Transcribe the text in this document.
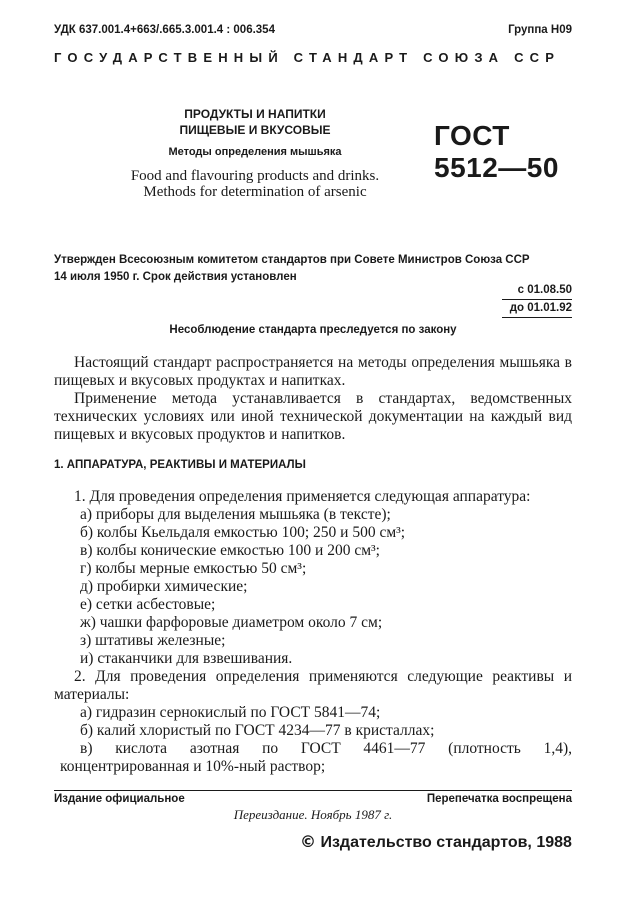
УДК 637.001.4+663/.665.3.001.4 : 006.354	Группа Н09
ГОСУДАРСТВЕННЫЙ СТАНДАРТ СОЮЗА ССР
ПРОДУКТЫ И НАПИТКИ
ПИЩЕВЫЕ И ВКУСОВЫЕ
Методы определения мышьяка
Food and flavouring products and drinks.
Methods for determination of arsenic
ГОСТ
5512—50
Утвержден Всесоюзным комитетом стандартов при Совете Министров Союза ССР
14 июля 1950 г. Срок действия установлен
с 01.08.50
до 01.01.92
Несоблюдение стандарта преследуется по закону

Настоящий стандарт распространяется на методы определения мышьяка в пищевых и вкусовых продуктах и напитках.

Применение метода устанавливается в стандартах, ведомственных технических условиях или иной технической документации на каждый вид пищевых и вкусовых продуктов и напитков.

1. АППАРАТУРА, РЕАКТИВЫ И МАТЕРИАЛЫ

1. Для проведения определения применяется следующая аппаратура:

а) приборы для выделения мышьяка (в тексте);

б) колбы Кьельдаля емкостью 100; 250 и 500 см³;

в) колбы конические емкостью 100 и 200 см³;

г) колбы мерные емкостью 50 см³;

д) пробирки химические;

е) сетки асбестовые;

ж) чашки фарфоровые диаметром около 7 см;

з) штативы железные;

и) стаканчики для взвешивания.

2. Для проведения определения применяются следующие реактивы и материалы:

а) гидразин сернокислый по ГОСТ 5841—74;

б) калий хлористый по ГОСТ 4234—77 в кристаллах;

в) кислота азотная по ГОСТ 4461—77 (плотность 1,4), концентрированная и 10%-ный раствор;

Издание официальное	Перепечатка воспрещена
Переиздание. Ноябрь 1987 г.
© Издательство стандартов, 1988
